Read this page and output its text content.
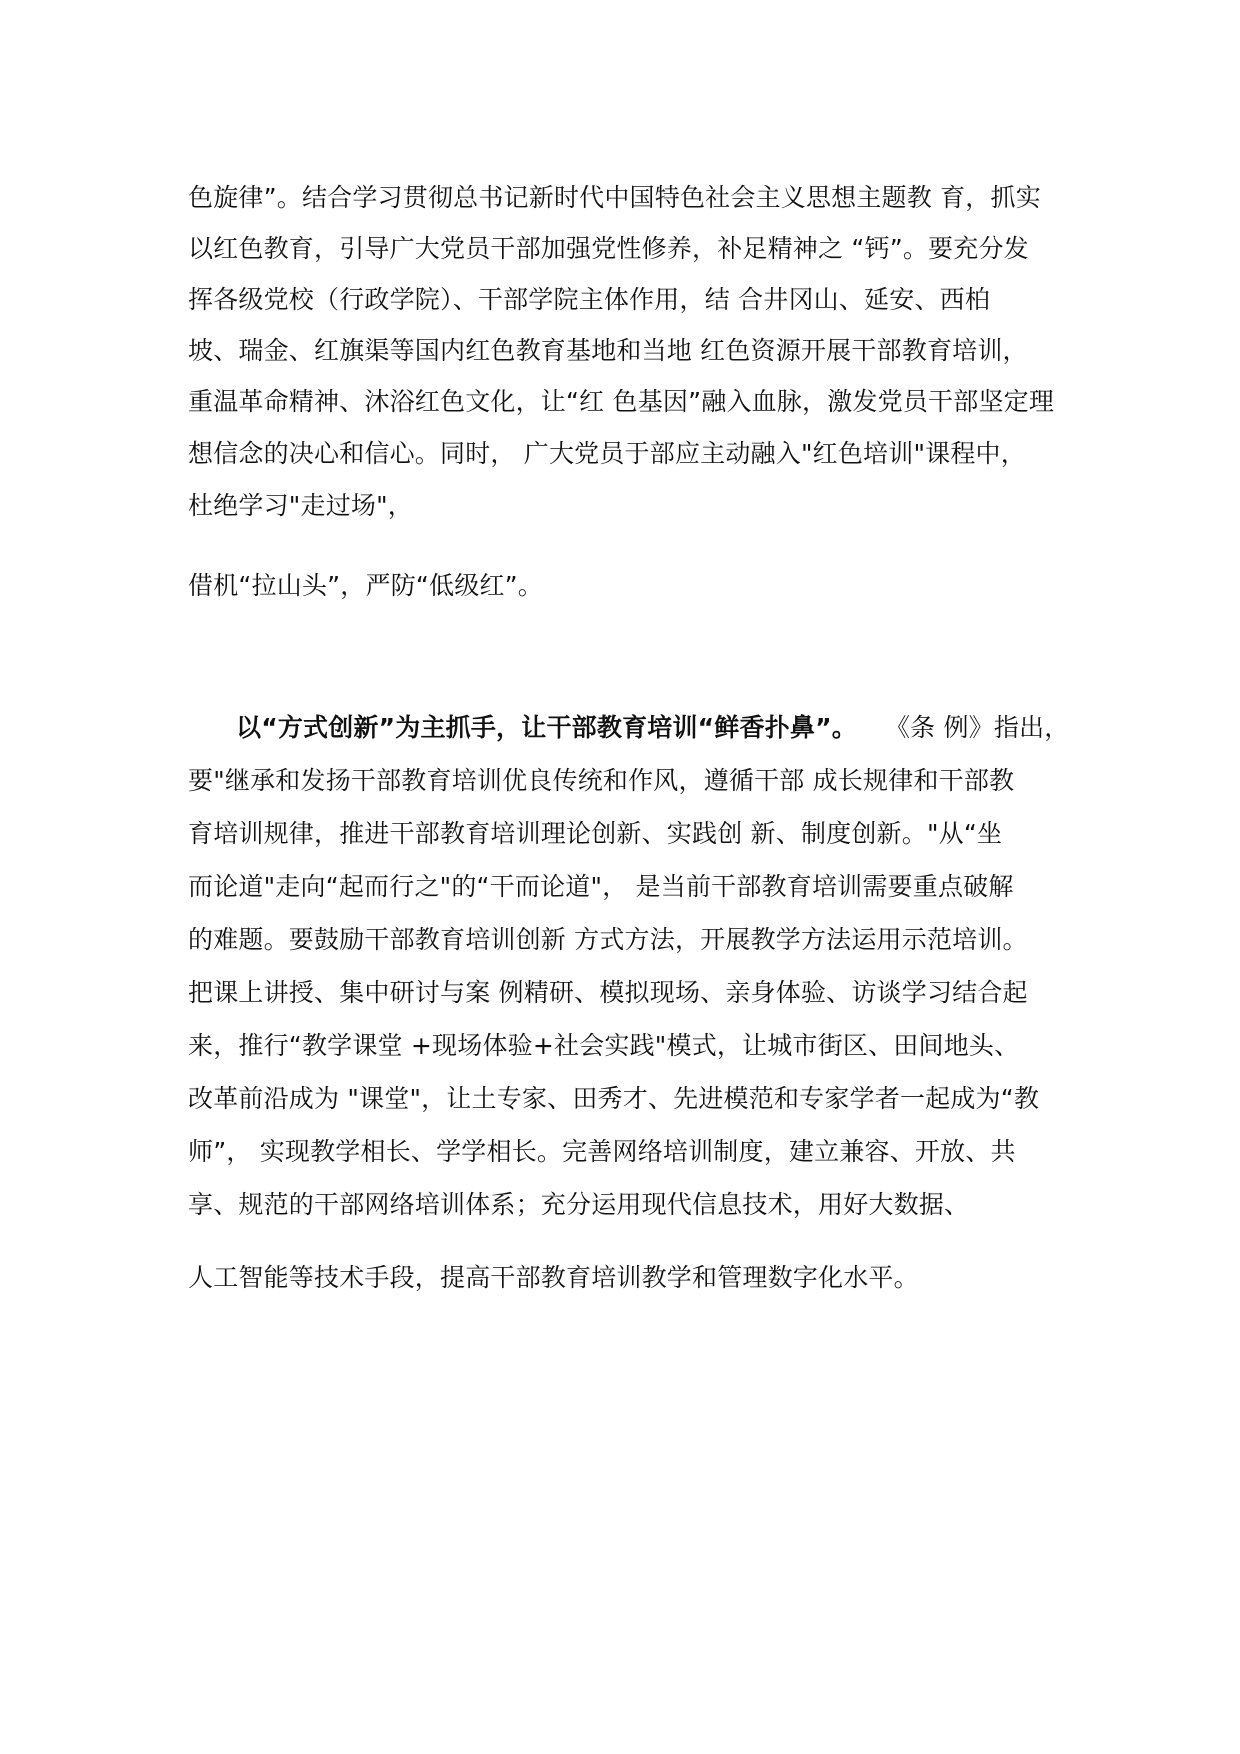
色旋律”。结合学习贯彻总书记新时代中国特色社会主义思想主题教 育，抓实
以红色教育，引导广大党员干部加强党性修养，补足精神之 “钙”。要充分发
挥各级党校（行政学院）、干部学院主体作用，结 合井冈山、延安、西柏
坡、瑞金、红旗渠等国内红色教育基地和当地 红色资源开展干部教育培训，
重温革命精神、沐浴红色文化，让“红 色基因”融入血脉，激发党员干部坚定理
想信念的决心和信心。同时， 广大党员于部应主动融入"红色培训"课程中，
杜绝学习"走过场"，
借机“拉山头”，严防“低级红”。
以“方式创新”为主抓手，让干部教育培训“鲜香扑鼻”。 《条 例》指出，
要"继承和发扬干部教育培训优良传统和作风，遵循干部 成长规律和干部教
育培训规律，推进干部教育培训理论创新、实践创 新、制度创新。"从“坐
而论道"走向“起而行之"的“干而论道"， 是当前干部教育培训需要重点破解
的难题。要鼓励干部教育培训创新 方式方法，开展教学方法运用示范培训。
把课上讲授、集中研讨与案 例精研、模拟现场、亲身体验、访谈学习结合起
来，推行“教学课堂 +现场体验+社会实践"模式，让城市街区、田间地头、
改革前沿成为 "课堂"，让土专家、田秀才、先进模范和专家学者一起成为“教
师”， 实现教学相长、学学相长。完善网络培训制度，建立兼容、开放、共
享、规范的干部网络培训体系；充分运用现代信息技术，用好大数据、
人工智能等技术手段，提高干部教育培训教学和管理数字化水平。
